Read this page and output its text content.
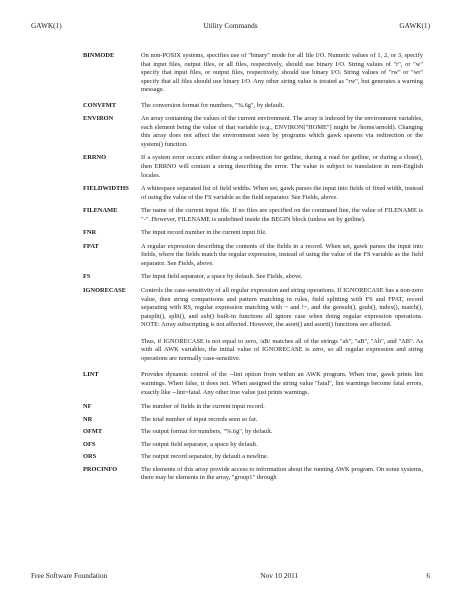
GAWK(1)	Utility Commands	GAWK(1)
BINMODE	On non-POSIX systems, specifies use of "binary" mode for all file I/O. Numeric values of 1, 2, or 3, specify that input files, output files, or all files, respectively, should use binary I/O. String values of "r", or "w" specify that input files, or output files, respectively, should use binary I/O. String values of "rw" or "wr" specify that all files should use binary I/O. Any other string value is treated as "rw", but generates a warning message.

CONVFMT	The conversion format for numbers, "%.6g", by default.

ENVIRON	An array containing the values of the current environment. The array is indexed by the environment variables, each element being the value of that variable (e.g., ENVIRON["HOME"] might be /home/arnold). Changing this array does not affect the environment seen by programs which gawk spawns via redirection or the system() function.

ERRNO	If a system error occurs either doing a redirection for getline, during a read for getline, or during a close(), then ERRNO will contain a string describing the error. The value is subject to translation in non-English locales.

FIELDWIDTHS	A whitespace separated list of field widths. When set, gawk parses the input into fields of fixed width, instead of using the value of the FS variable as the field separator. See Fields, above.

FILENAME	The name of the current input file. If no files are specified on the command line, the value of FILENAME is "-". However, FILENAME is undefined inside the BEGIN block (unless set by getline).

FNR	The input record number in the current input file.

FPAT	A regular expression describing the contents of the fields in a record. When set, gawk parses the input into fields, where the fields match the regular expression, instead of using the value of the FS variable as the field separator. See Fields, above.

FS	The input field separator, a space by default. See Fields, above.

IGNORECASE	Controls the case-sensitivity of all regular expression and string operations. If IGNORECASE has a non-zero value, then string comparisons and pattern matching in rules, field splitting with FS and FPAT, record separating with RS, regular expression matching with ~ and !~, and the gensub(), gsub(), index(), match(), patsplit(), split(), and sub() built-in functions all ignore case when doing regular expression operations. NOTE: Array subscripting is not affected. However, the asort() and asorti() functions are affected.

Thus, if IGNORECASE is not equal to zero, /aB/ matches all of the strings "ab", "aB", "Ab", and "AB". As with all AWK variables, the initial value of IGNORECASE is zero, so all regular expression and string operations are normally case-sensitive.

LINT	Provides dynamic control of the --lint option from within an AWK program. When true, gawk prints lint warnings. When false, it does not. When assigned the string value "fatal", lint warnings become fatal errors, exactly like --lint=fatal. Any other true value just prints warnings.

NF	The number of fields in the current input record.

NR	The total number of input records seen so far.

OFMT	The output format for numbers, "%.6g", by default.

OFS	The output field separator, a space by default.

ORS	The output record separator, by default a newline.

PROCINFO	The elements of this array provide access to information about the running AWK program. On some systems, there may be elements in the array, "group1" through

Free Software Foundation	Nov 10 2011	6
